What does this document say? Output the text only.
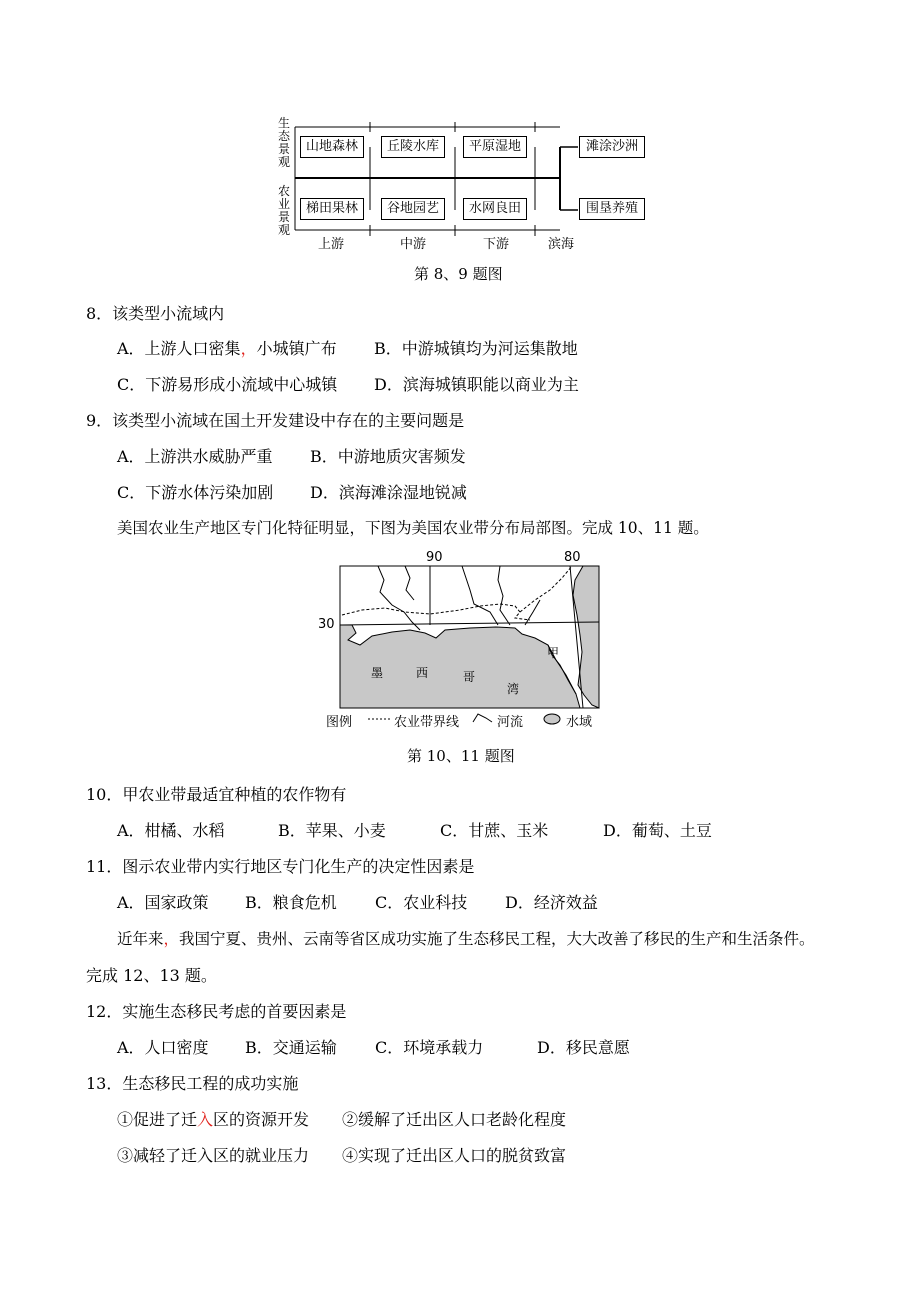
生态景观
农业景观
山地森林	丘陵水库	平原湿地	滩涂沙洲
梯田果林	谷地园艺	水网良田	围垦养殖
上游	中游	下游	滨海
第 8、9 题图
8．该类型小流域内
A．上游人口密集，小城镇广布 B．中游城镇均为河运集散地
C．下游易形成小流域中心城镇 D．滨海城镇职能以商业为主
9．该类型小流域在国土开发建设中存在的主要问题是
A．上游洪水威胁严重 B．中游地质灾害频发
C．下游水体污染加剧 D．滨海滩涂湿地锐减
美国农业生产地区专门化特征明显，下图为美国农业带分布局部图。完成 10、11 题。
90	80
30
墨	西	哥
湾
甲
图例	农业带界线	河流	水域
第 10、11 题图
10．甲农业带最适宜种植的农作物有
A．柑橘、水稻	B．苹果、小麦	C．甘蔗、玉米	D．葡萄、土豆
11．图示农业带内实行地区专门化生产的决定性因素是
A．国家政策 B．粮食危机 C．农业科技 D．经济效益
近年来，我国宁夏、贵州、云南等省区成功实施了生态移民工程，大大改善了移民的生产和生活条件。
完成 12、13 题。
12．实施生态移民考虑的首要因素是
A．人口密度 B．交通运输 C．环境承载力	D．移民意愿
13．生态移民工程的成功实施
①促进了迁入区的资源开发 ②缓解了迁出区人口老龄化程度
③减轻了迁入区的就业压力 ④实现了迁出区人口的脱贫致富
